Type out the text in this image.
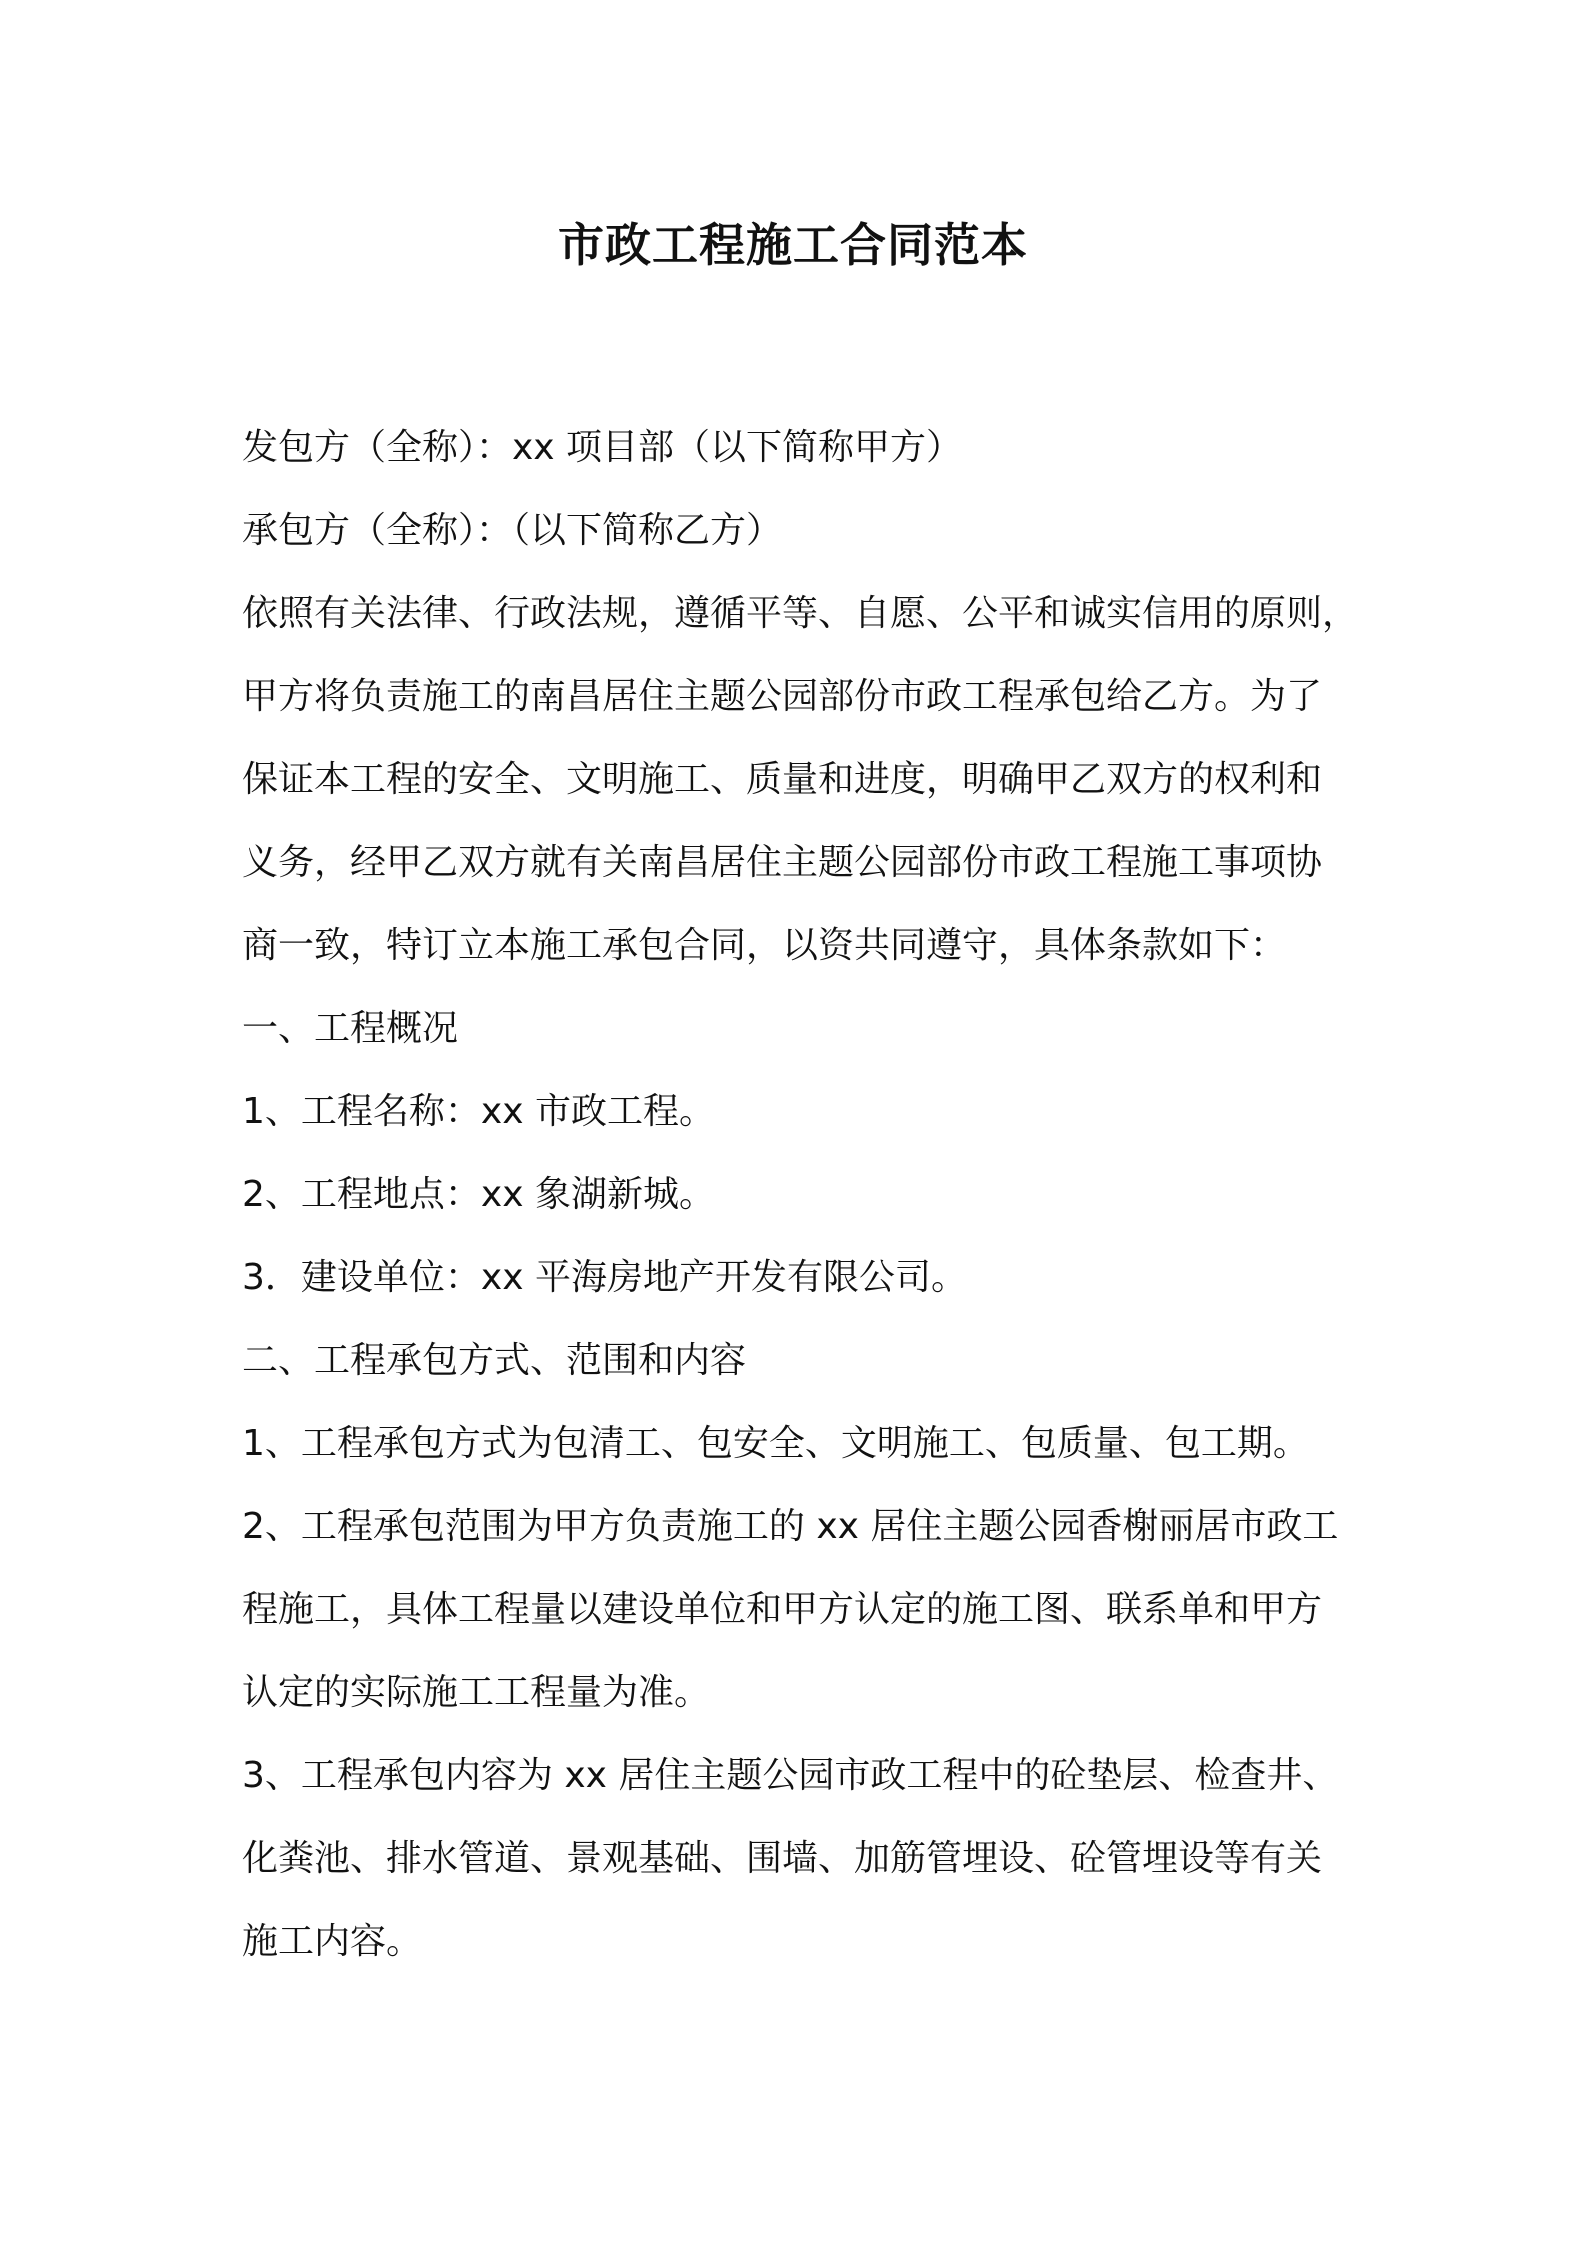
市政工程施工合同范本

发包方（全称）：xx 项目部（以下简称甲方）

承包方（全称）：（以下简称乙方）

依照有关法律、行政法规，遵循平等、自愿、公平和诚实信用的原则，

甲方将负责施工的南昌居住主题公园部份市政工程承包给乙方。为了

保证本工程的安全、文明施工、质量和进度，明确甲乙双方的权利和

义务，经甲乙双方就有关南昌居住主题公园部份市政工程施工事项协

商一致，特订立本施工承包合同，以资共同遵守，具体条款如下：

一、工程概况

1、工程名称：xx 市政工程。

2、工程地点：xx 象湖新城。

3．建设单位：xx 平海房地产开发有限公司。

二、工程承包方式、范围和内容

1、工程承包方式为包清工、包安全、文明施工、包质量、包工期。

2、工程承包范围为甲方负责施工的 xx 居住主题公园香榭丽居市政工

程施工，具体工程量以建设单位和甲方认定的施工图、联系单和甲方

认定的实际施工工程量为准。

3、工程承包内容为 xx 居住主题公园市政工程中的砼垫层、检查井、

化粪池、排水管道、景观基础、围墙、加筋管埋设、砼管埋设等有关

施工内容。
